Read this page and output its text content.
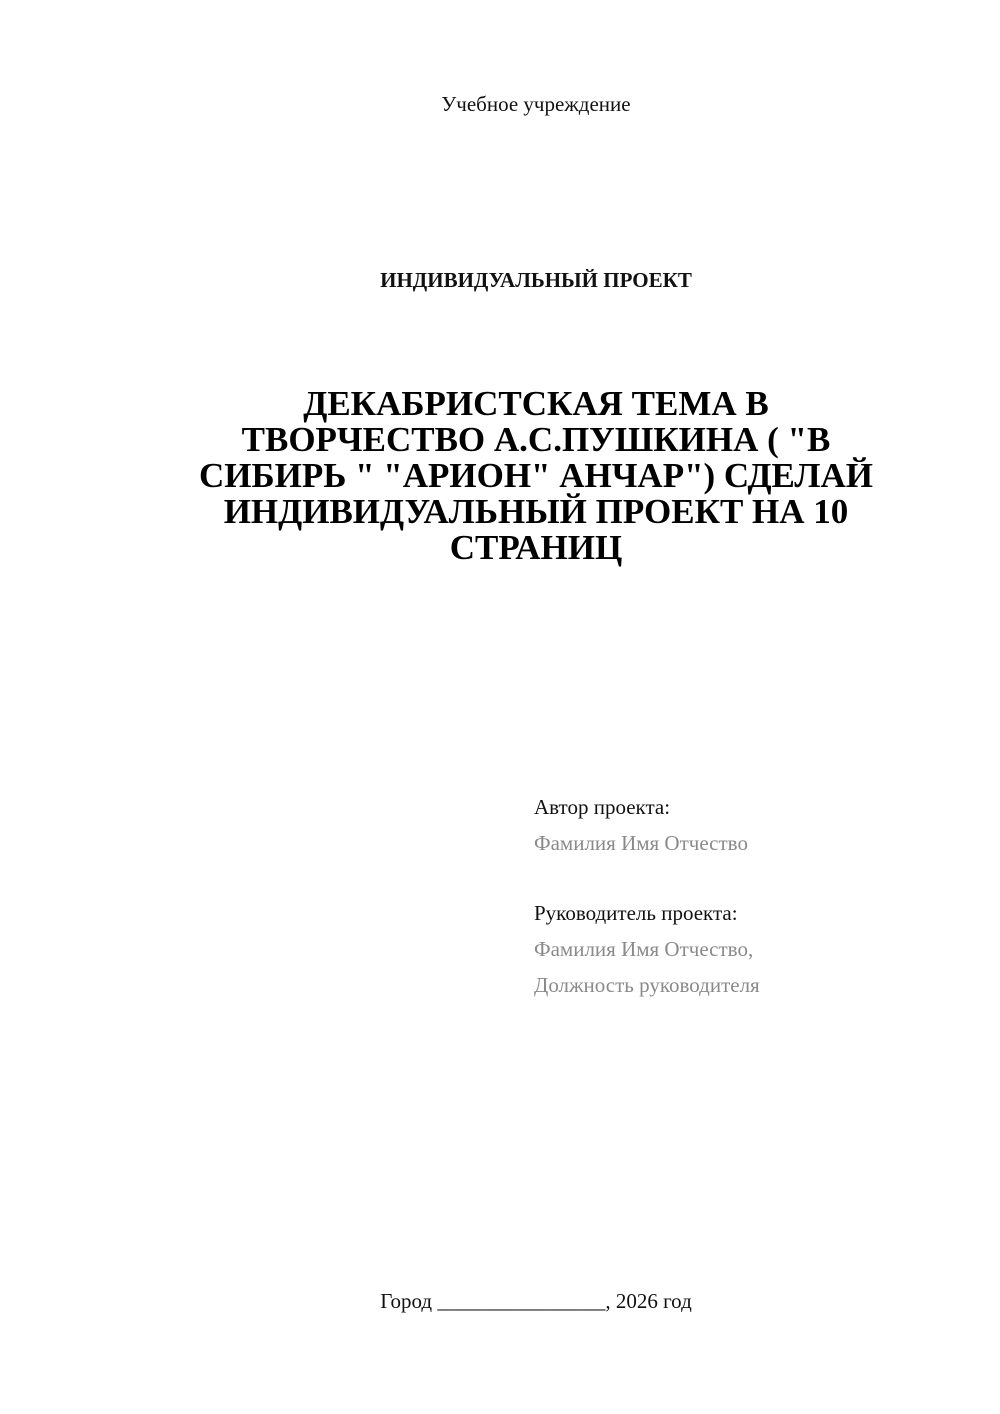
Учебное учреждение
ИНДИВИДУАЛЬНЫЙ ПРОЕКТ
ДЕКАБРИСТСКАЯ ТЕМА В
ТВОРЧЕСТВО А.С.ПУШКИНА ( "В
СИБИРЬ " "АРИОН" АНЧАР") СДЕЛАЙ
ИНДИВИДУАЛЬНЫЙ ПРОЕКТ НА 10
СТРАНИЦ
Автор проекта:
Фамилия Имя Отчество
Руководитель проекта:
Фамилия Имя Отчество,
Должность руководителя
Город ________________, 2026 год
